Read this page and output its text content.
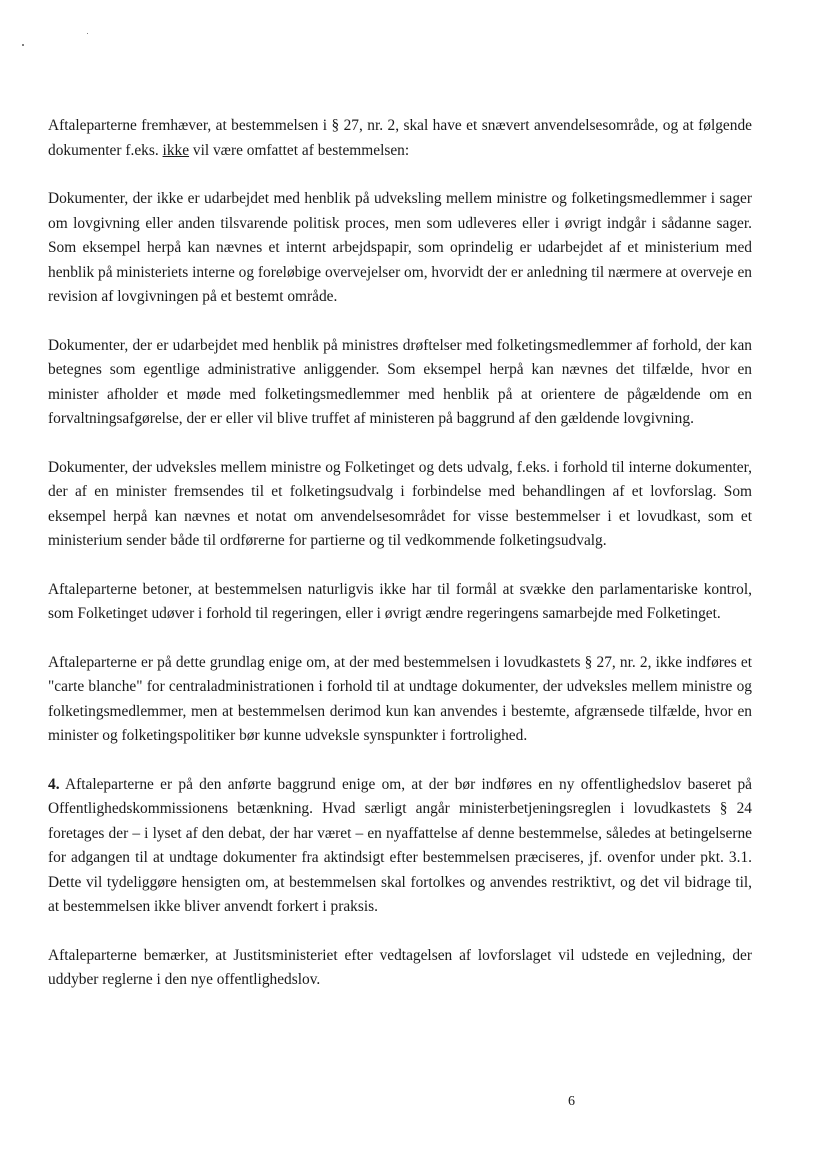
Aftaleparterne fremhæver, at bestemmelsen i § 27, nr. 2, skal have et snævert anvendelsesområde, og at følgende dokumenter f.eks. ikke vil være omfattet af bestemmelsen:

Dokumenter, der ikke er udarbejdet med henblik på udveksling mellem ministre og folketingsmedlemmer i sager om lovgivning eller anden tilsvarende politisk proces, men som udleveres eller i øvrigt indgår i sådanne sager. Som eksempel herpå kan nævnes et internt arbejdspapir, som oprindelig er udarbejdet af et ministerium med henblik på ministeriets interne og foreløbige overvejelser om, hvorvidt der er anledning til nærmere at overveje en revision af lovgivningen på et bestemt område.

Dokumenter, der er udarbejdet med henblik på ministres drøftelser med folketingsmedlemmer af forhold, der kan betegnes som egentlige administrative anliggender. Som eksempel herpå kan nævnes det tilfælde, hvor en minister afholder et møde med folketingsmedlemmer med henblik på at orientere de pågældende om en forvaltningsafgørelse, der er eller vil blive truffet af ministeren på baggrund af den gældende lovgivning.

Dokumenter, der udveksles mellem ministre og Folketinget og dets udvalg, f.eks. i forhold til interne dokumenter, der af en minister fremsendes til et folketingsudvalg i forbindelse med behandlingen af et lovforslag. Som eksempel herpå kan nævnes et notat om anvendelsesområdet for visse bestemmelser i et lovudkast, som et ministerium sender både til ordførerne for partierne og til vedkommende folketingsudvalg.

Aftaleparterne betoner, at bestemmelsen naturligvis ikke har til formål at svække den parlamentariske kontrol, som Folketinget udøver i forhold til regeringen, eller i øvrigt ændre regeringens samarbejde med Folketinget.

Aftaleparterne er på dette grundlag enige om, at der med bestemmelsen i lovudkastets § 27, nr. 2, ikke indføres et "carte blanche" for centraladministrationen i forhold til at undtage dokumenter, der udveksles mellem ministre og folketingsmedlemmer, men at bestemmelsen derimod kun kan anvendes i bestemte, afgrænsede tilfælde, hvor en minister og folketingspolitiker bør kunne udveksle synspunkter i fortrolighed.

4. Aftaleparterne er på den anførte baggrund enige om, at der bør indføres en ny offentlighedslov baseret på Offentlighedskommissionens betænkning. Hvad særligt angår ministerbetjeningsreglen i lovudkastets § 24 foretages der – i lyset af den debat, der har været – en nyaffattelse af denne bestemmelse, således at betingelserne for adgangen til at undtage dokumenter fra aktindsigt efter bestemmelsen præciseres, jf. ovenfor under pkt. 3.1. Dette vil tydeliggøre hensigten om, at bestemmelsen skal fortolkes og anvendes restriktivt, og det vil bidrage til, at bestemmelsen ikke bliver anvendt forkert i praksis.

Aftaleparterne bemærker, at Justitsministeriet efter vedtagelsen af lovforslaget vil udstede en vejledning, der uddyber reglerne i den nye offentlighedslov.

6
